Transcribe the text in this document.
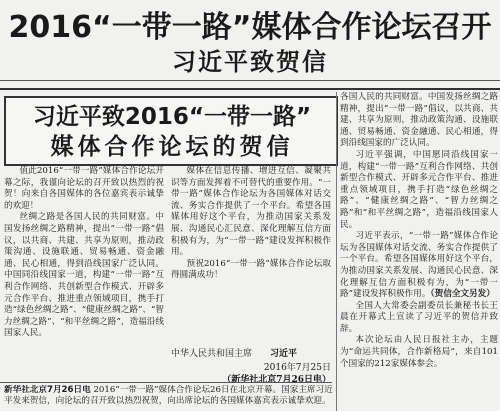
2016“一带一路”媒体合作论坛召开
习近平致贺信
习近平致2016“一带一路”
媒体合作论坛的贺信

值此2016“一带一路”媒体合作论坛开幕之际，我谨向论坛的召开致以热烈的祝贺！向来自各国媒体的各位嘉宾表示诚挚的欢迎！

丝绸之路是各国人民的共同财富。中国发扬丝绸之路精神，提出“一带一路”倡议，以共商、共建、共享为原则，推动政策沟通、设施联通、贸易畅通、资金融通、民心相通，得到沿线国家广泛认同。中国同沿线国家一道，构建“一带一路”互利合作网络、共创新型合作模式、开辟多元合作平台、推进重点领域项目，携手打造“绿色丝绸之路”、“健康丝绸之路”、“智力丝绸之路”、“和平丝绸之路”，造福沿线国家人民。

媒体在信息传播、增进互信、凝聚共识等方面发挥着不可替代的重要作用。“一带一路”媒体合作论坛为各国媒体对话交流、务实合作提供了一个平台。希望各国媒体用好这个平台，为推动国家关系发展、沟通民心汇民意、深化理解互信方面积极有为，为“一带一路”建设发挥积极作用。

预祝2016“一带一路”媒体合作论坛取得圆满成功！

中华人民共和国主席 习近平
2016年7月25日
（新华社北京7月26日电）
新华社北京7月26日电 2016“一带一路”媒体合作论坛26日在北京开幕。国家主席习近平发来贺信，向论坛的召开致以热烈祝贺，向出席论坛的各国媒体嘉宾表示诚挚欢迎。

各国人民的共同财富。中国发扬丝绸之路精神，提出“一带一路”倡议，以共商、共建、共享为原则，推动政策沟通、设施联通、贸易畅通、资金融通、民心相通，得到沿线国家的广泛认同。

习近平强调，中国愿同沿线国家一道，构建“一带一路”互利合作网络、共创新型合作模式、开辟多元合作平台、推进重点领域项目，携手打造“绿色丝绸之路”、“健康丝绸之路”、“智力丝绸之路”和“和平丝绸之路”，造福沿线国家人民。

习近平表示，“一带一路”媒体合作论坛为各国媒体对话交流、务实合作提供了一个平台。希望各国媒体用好这个平台，为推动国家关系发展、沟通民心民意、深化理解互信方面积极有为，为“一带一路”建设发挥积极作用。（贺信全文另发）

全国人大常委会副委员长兼秘书长王晨在开幕式上宣读了习近平的贺信并致辞。

本次论坛由人民日报社主办，主题为“命运共同体，合作新格局”，来自101个国家的212家媒体参会。
